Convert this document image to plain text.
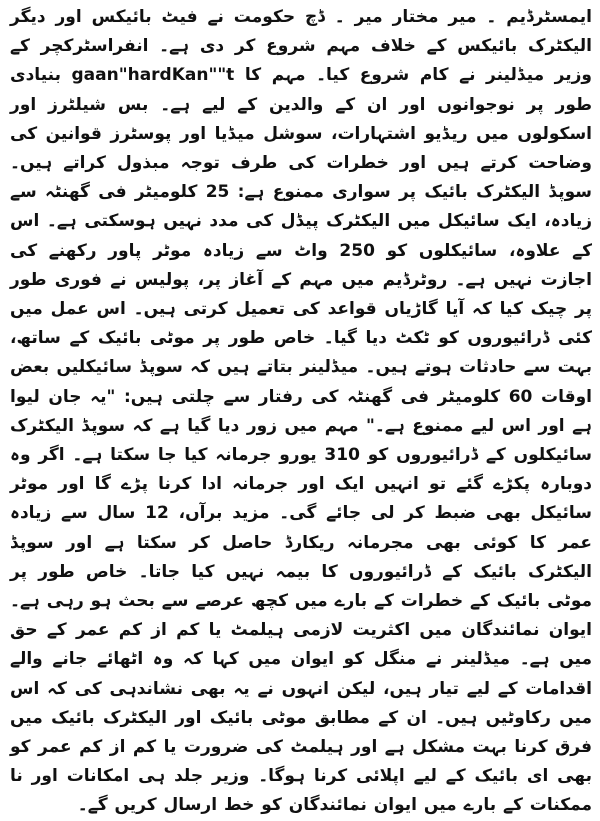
ایمسٹرڈیم ۔ میر مختار میر ۔ ڈچ حکومت نے فیٹ بائیکس اور دیگر الیکٹرک بائیکس کے خلاف مہم شروع کر دی ہے۔ انفراسٹرکچر کے وزیر میڈلینر نے کام شروع کیا۔ مہم کا gaan"hardKan""t بنیادی طور پر نوجوانوں اور ان کے والدین کے لیے ہے۔ بس شیلٹرز اور اسکولوں میں ریڈیو اشتہارات، سوشل میڈیا اور پوسٹرز قوانین کی وضاحت کرتے ہیں اور خطرات کی طرف توجہ مبذول کراتے ہیں۔ سوپڈ الیکٹرک بائیک پر سواری ممنوع ہے: 25 کلومیٹر فی گھنٹہ سے زیادہ، ایک سائیکل میں الیکٹرک پیڈل کی مدد نہیں ہوسکتی ہے۔ اس کے علاوہ، سائیکلوں کو 250 واٹ سے زیادہ موٹر پاور رکھنے کی اجازت نہیں ہے۔ روٹرڈیم میں مہم کے آغاز پر، پولیس نے فوری طور پر چیک کیا کہ آیا گاڑیاں قواعد کی تعمیل کرتی ہیں۔ اس عمل میں کئی ڈرائیوروں کو ٹکٹ دیا گیا۔ خاص طور پر موٹی بائیک کے ساتھ، بہت سے حادثات ہوتے ہیں۔ میڈلینر بتاتے ہیں کہ سوپڈ سائیکلیں بعض اوقات 60 کلومیٹر فی گھنٹہ کی رفتار سے چلتی ہیں: "یہ جان لیوا ہے اور اس لیے ممنوع ہے۔" مہم میں زور دیا گیا ہے کہ سوپڈ الیکٹرک سائیکلوں کے ڈرائیوروں کو 310 یورو جرمانہ کیا جا سکتا ہے۔ اگر وہ دوبارہ پکڑے گئے تو انہیں ایک اور جرمانہ ادا کرنا پڑے گا اور موٹر سائیکل بھی ضبط کر لی جائے گی۔ مزید برآں، 12 سال سے زیادہ عمر کا کوئی بھی مجرمانہ ریکارڈ حاصل کر سکتا ہے اور سوپڈ الیکٹرک بائیک کے ڈرائیوروں کا بیمہ نہیں کیا جاتا۔ خاص طور پر موٹی بائیک کے خطرات کے بارے میں کچھ عرصے سے بحث ہو رہی ہے۔ ایوان نمائندگان میں اکثریت لازمی ہیلمٹ یا کم از کم عمر کے حق میں ہے۔ میڈلینر نے منگل کو ایوان میں کہا کہ وہ اٹھائے جانے والے اقدامات کے لیے تیار ہیں، لیکن انہوں نے یہ بھی نشاندہی کی کہ اس میں رکاوٹیں ہیں۔ ان کے مطابق موٹی بائیک اور الیکٹرک بائیک میں فرق کرنا بہت مشکل ہے اور ہیلمٹ کی ضرورت یا کم از کم عمر کو بھی ای بائیک کے لیے اپلائی کرنا ہوگا۔ وزیر جلد ہی امکانات اور نا ممکنات کے بارے میں ایوان نمائندگان کو خط ارسال کریں گے۔
